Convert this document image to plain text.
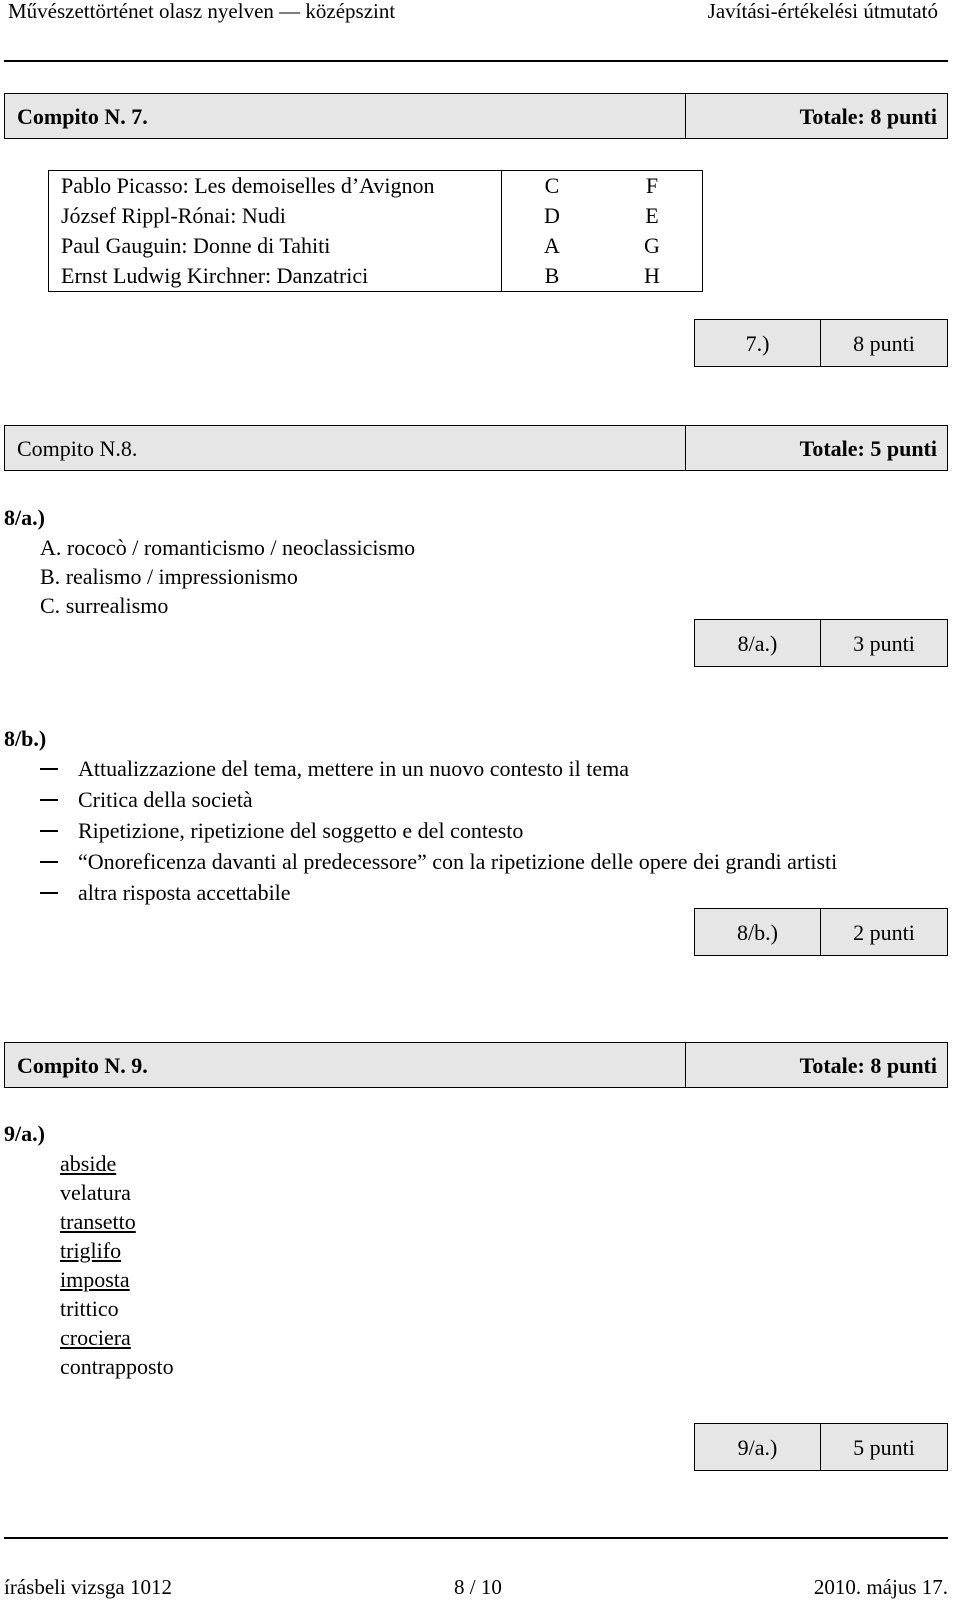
Művészettörténet olasz nyelven — középszint	Javítási-értékelési útmutató
Compito N. 7.	Totale: 8 punti
Pablo Picasso: Les demoiselles d’Avignon	C	F
József Rippl-Rónai: Nudi	D	E
Paul Gauguin: Donne di Tahiti	A	G
Ernst Ludwig Kirchner: Danzatrici	B	H
7.)	8 punti
Compito N.8.	Totale: 5 punti
8/a.)
A. rococò / romanticismo / neoclassicismo
B. realismo / impressionismo
C. surrealismo
8/a.)	3 punti
8/b.)
Attualizzazione del tema, mettere in un nuovo contesto il tema
Critica della società
Ripetizione, ripetizione del soggetto e del contesto
“Onoreficenza davanti al predecessore” con la ripetizione delle opere dei grandi artisti
altra risposta accettabile
8/b.)	2 punti
Compito N. 9.	Totale: 8 punti
9/a.)
abside
velatura
transetto
triglifo
imposta
trittico
crociera
contrapposto
9/a.)	5 punti
írásbeli vizsga 1012	8 / 10	2010. május 17.
